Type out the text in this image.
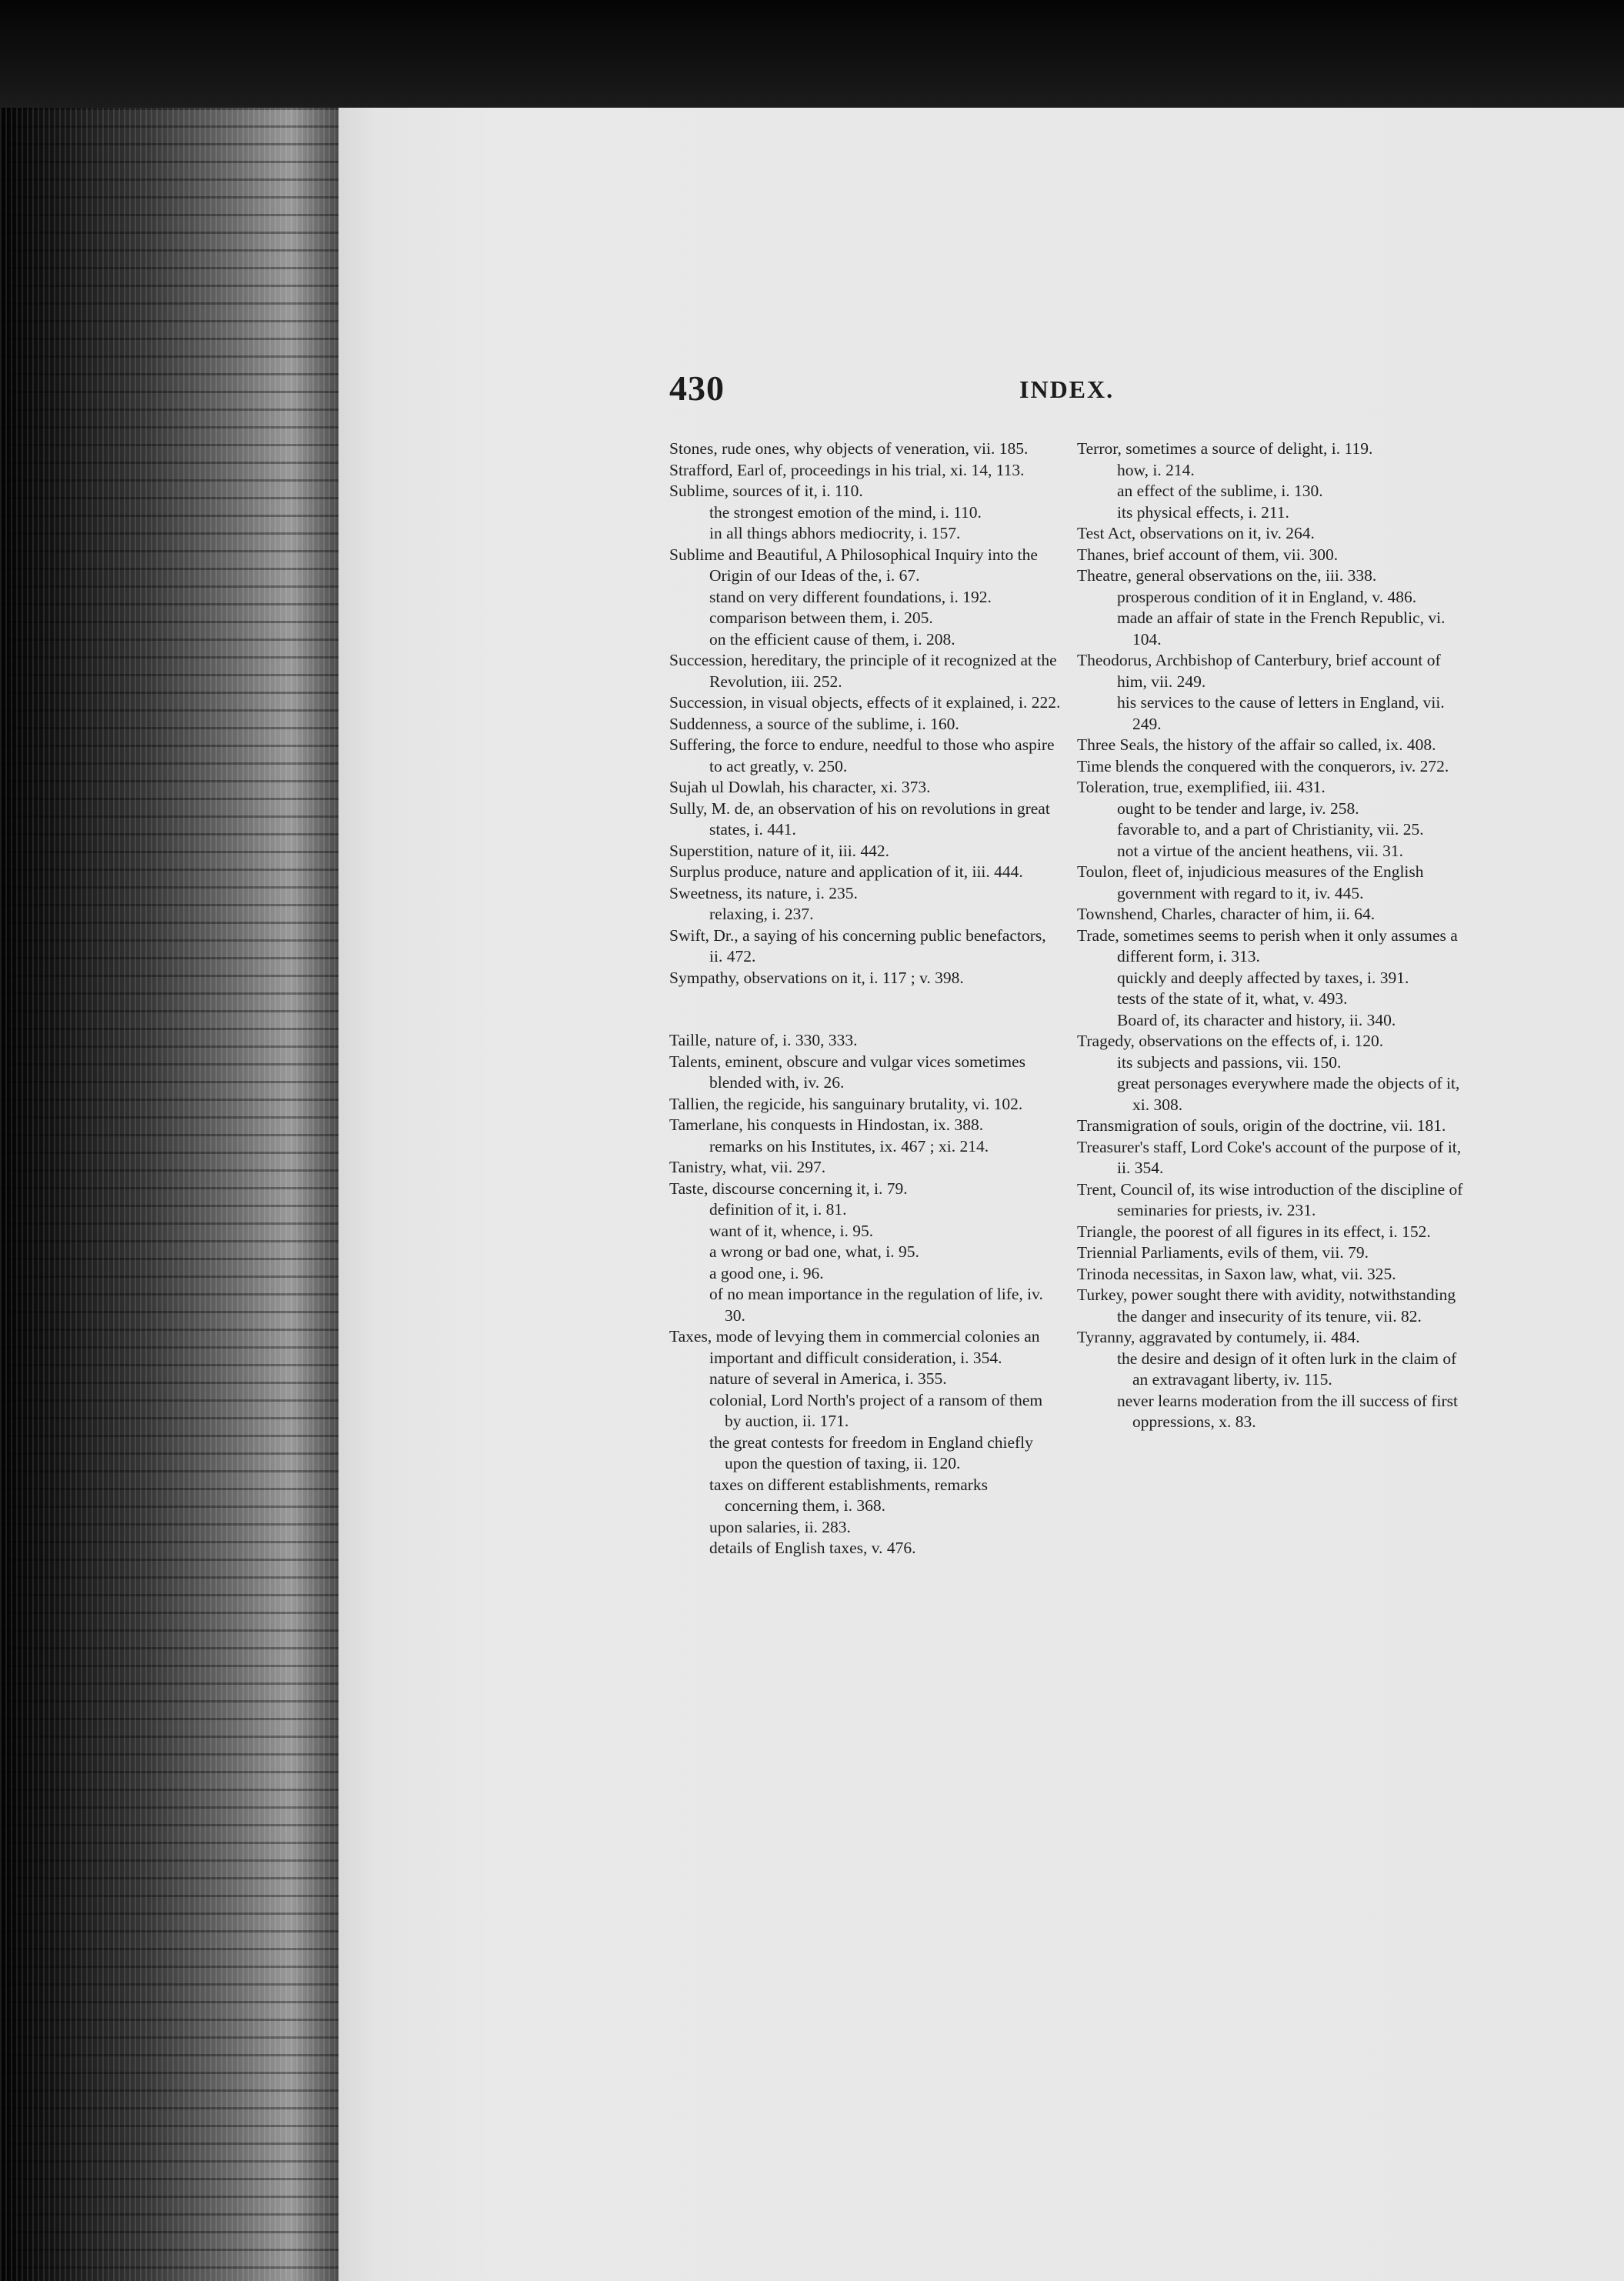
430	INDEX.

Stones, rude ones, why objects of veneration, vii. 185.

Strafford, Earl of, proceedings in his trial, xi. 14, 113.

Sublime, sources of it, i. 110.

the strongest emotion of the mind, i. 110.

in all things abhors mediocrity, i. 157.

Sublime and Beautiful, A Philosophical Inquiry into the Origin of our Ideas of the, i. 67.

stand on very different foundations, i. 192.

comparison between them, i. 205.

on the efficient cause of them, i. 208.

Succession, hereditary, the principle of it recognized at the Revolution, iii. 252.

Succession, in visual objects, effects of it explained, i. 222.

Suddenness, a source of the sublime, i. 160.

Suffering, the force to endure, needful to those who aspire to act greatly, v. 250.

Sujah ul Dowlah, his character, xi. 373.

Sully, M. de, an observation of his on revolutions in great states, i. 441.

Superstition, nature of it, iii. 442.

Surplus produce, nature and application of it, iii. 444.

Sweetness, its nature, i. 235.

relaxing, i. 237.

Swift, Dr., a saying of his concerning public benefactors, ii. 472.

Sympathy, observations on it, i. 117 ; v. 398.

Taille, nature of, i. 330, 333.

Talents, eminent, obscure and vulgar vices sometimes blended with, iv. 26.

Tallien, the regicide, his sanguinary brutality, vi. 102.

Tamerlane, his conquests in Hindostan, ix. 388.

remarks on his Institutes, ix. 467 ; xi. 214.

Tanistry, what, vii. 297.

Taste, discourse concerning it, i. 79.

definition of it, i. 81.

want of it, whence, i. 95.

a wrong or bad one, what, i. 95.

a good one, i. 96.

of no mean importance in the regulation of life, iv. 30.

Taxes, mode of levying them in commercial colonies an important and difficult consideration, i. 354.

nature of several in America, i. 355.

colonial, Lord North's project of a ransom of them by auction, ii. 171.

the great contests for freedom in England chiefly upon the question of taxing, ii. 120.

taxes on different establishments, remarks concerning them, i. 368.

upon salaries, ii. 283.

details of English taxes, v. 476.

Terror, sometimes a source of delight, i. 119.

how, i. 214.

an effect of the sublime, i. 130.

its physical effects, i. 211.

Test Act, observations on it, iv. 264.

Thanes, brief account of them, vii. 300.

Theatre, general observations on the, iii. 338.

prosperous condition of it in England, v. 486.

made an affair of state in the French Republic, vi. 104.

Theodorus, Archbishop of Canterbury, brief account of him, vii. 249.

his services to the cause of letters in England, vii. 249.

Three Seals, the history of the affair so called, ix. 408.

Time blends the conquered with the conquerors, iv. 272.

Toleration, true, exemplified, iii. 431.

ought to be tender and large, iv. 258.

favorable to, and a part of Christianity, vii. 25.

not a virtue of the ancient heathens, vii. 31.

Toulon, fleet of, injudicious measures of the English government with regard to it, iv. 445.

Townshend, Charles, character of him, ii. 64.

Trade, sometimes seems to perish when it only assumes a different form, i. 313.

quickly and deeply affected by taxes, i. 391.

tests of the state of it, what, v. 493.

Board of, its character and history, ii. 340.

Tragedy, observations on the effects of, i. 120.

its subjects and passions, vii. 150.

great personages everywhere made the objects of it, xi. 308.

Transmigration of souls, origin of the doctrine, vii. 181.

Treasurer's staff, Lord Coke's account of the purpose of it, ii. 354.

Trent, Council of, its wise introduction of the discipline of seminaries for priests, iv. 231.

Triangle, the poorest of all figures in its effect, i. 152.

Triennial Parliaments, evils of them, vii. 79.

Trinoda necessitas, in Saxon law, what, vii. 325.

Turkey, power sought there with avidity, notwithstanding the danger and insecurity of its tenure, vii. 82.

Tyranny, aggravated by contumely, ii. 484.

the desire and design of it often lurk in the claim of an extravagant liberty, iv. 115.

never learns moderation from the ill success of first oppressions, x. 83.
